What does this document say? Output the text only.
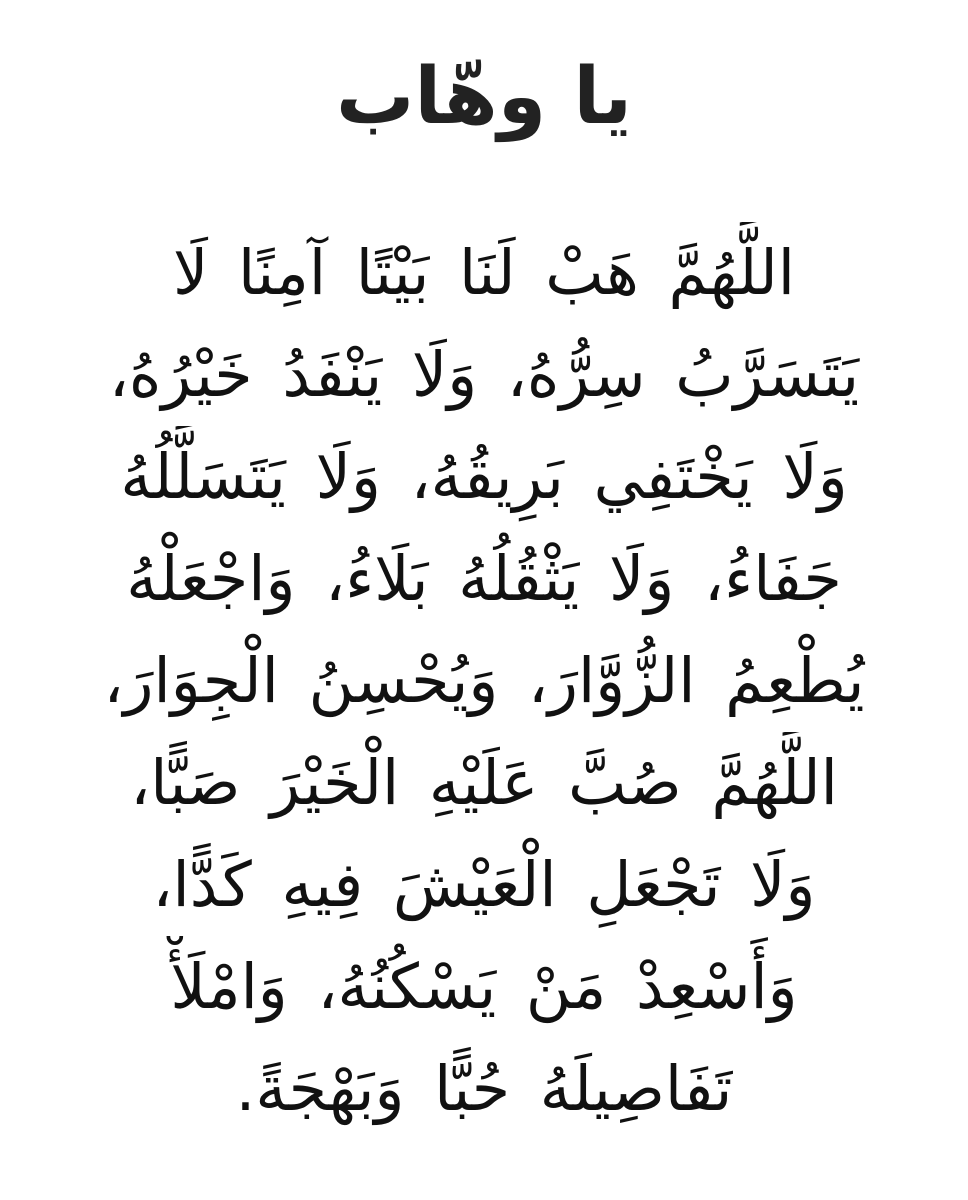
يا وهّاب
اللَّهُمَّ هَبْ لَنَا بَيْتًا آمِنًا لَا
يَتَسَرَّبُ سِرُّهُ، وَلَا يَنْفَدُ خَيْرُهُ،
وَلَا يَخْتَفِي بَرِيقُهُ، وَلَا يَتَسَلَّلُهُ
جَفَاءُ، وَلَا يَثْقُلُهُ بَلَاءُ، وَاجْعَلْهُ
يُطْعِمُ الزُّوَّارَ، وَيُحْسِنُ الْجِوَارَ،
اللَّهُمَّ صُبَّ عَلَيْهِ الْخَيْرَ صَبًّا،
وَلَا تَجْعَلِ الْعَيْشَ فِيهِ كَدًّا،
وَأَسْعِدْ مَنْ يَسْكُنُهُ، وَامْلَأْ
تَفَاصِيلَهُ حُبًّا وَبَهْجَةً.
